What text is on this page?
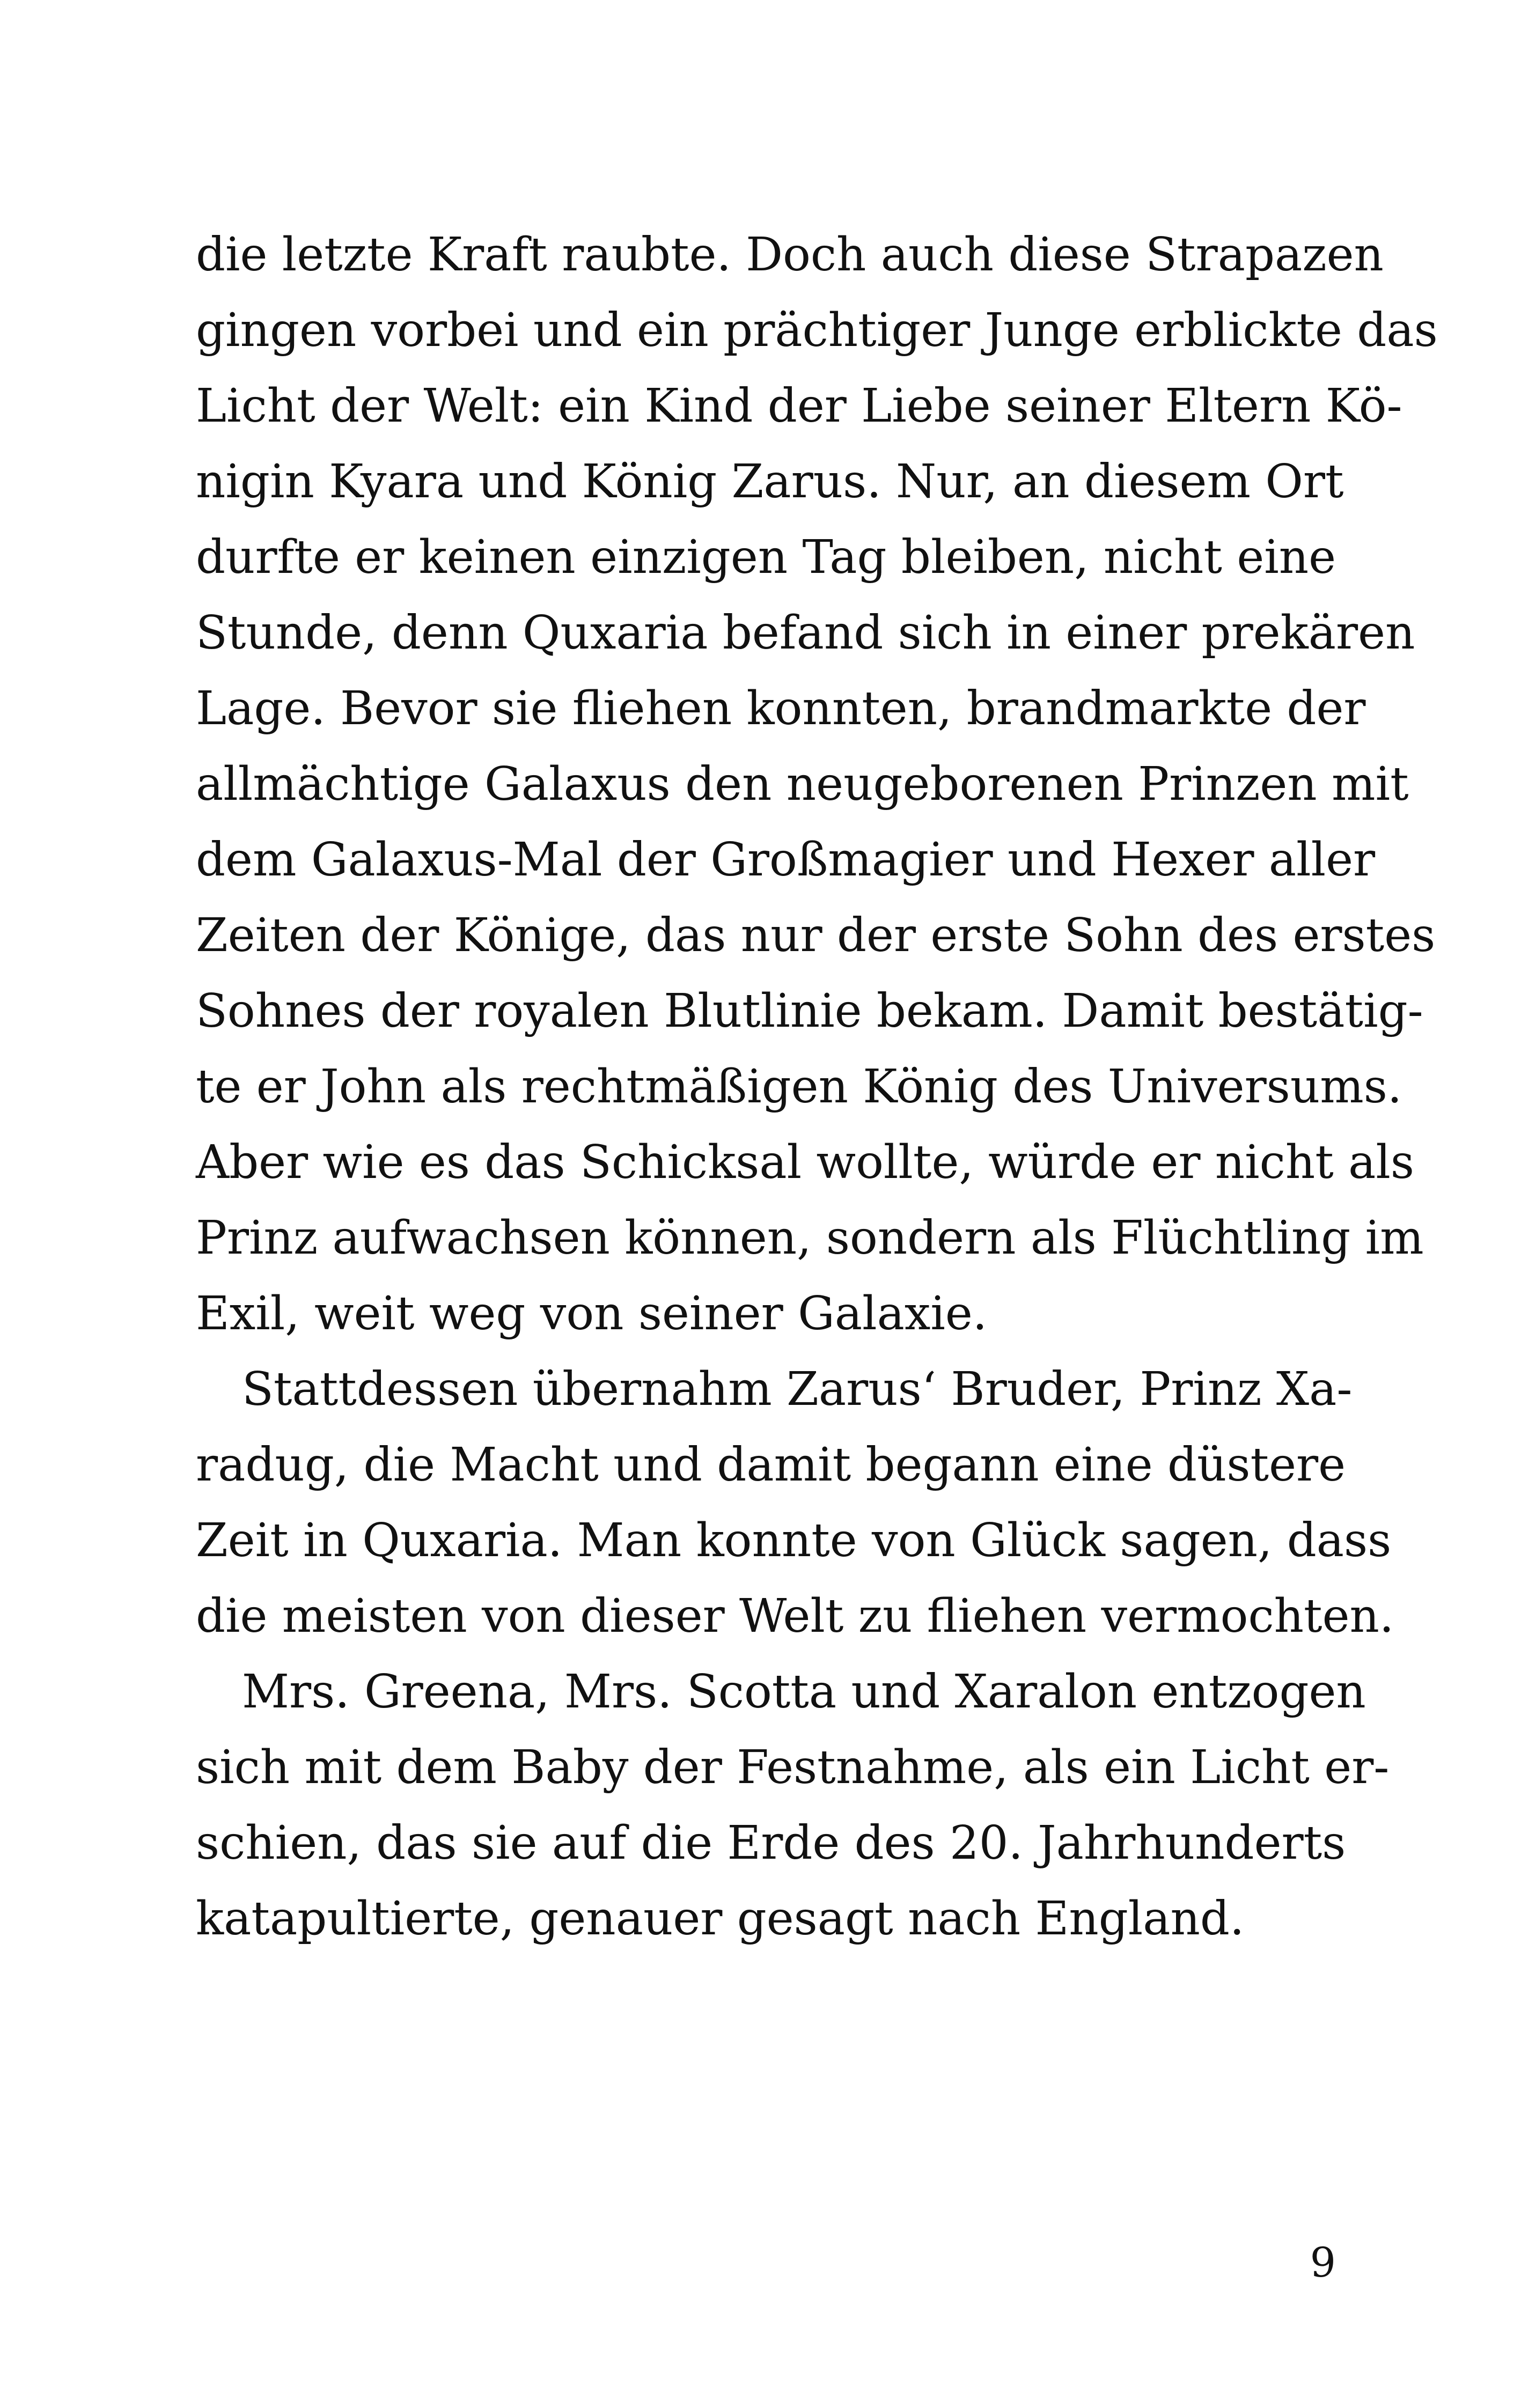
die letzte Kraft raubte. Doch auch diese Strapazen
gingen vorbei und ein prächtiger Junge erblickte das
Licht der Welt: ein Kind der Liebe seiner Eltern Kö-
nigin Kyara und König Zarus. Nur, an diesem Ort
durfte er keinen einzigen Tag bleiben, nicht eine
Stunde, denn Quxaria befand sich in einer prekären
Lage. Bevor sie fliehen konnten, brandmarkte der
allmächtige Galaxus den neugeborenen Prinzen mit
dem Galaxus-Mal der Großmagier und Hexer aller
Zeiten der Könige, das nur der erste Sohn des erstes
Sohnes der royalen Blutlinie bekam. Damit bestätig-
te er John als rechtmäßigen König des Universums.
Aber wie es das Schicksal wollte, würde er nicht als
Prinz aufwachsen können, sondern als Flüchtling im
Exil, weit weg von seiner Galaxie.
Stattdessen übernahm Zarus‘ Bruder, Prinz Xa-
radug, die Macht und damit begann eine düstere
Zeit in Quxaria. Man konnte von Glück sagen, dass
die meisten von dieser Welt zu fliehen vermochten.
Mrs. Greena, Mrs. Scotta und Xaralon entzogen
sich mit dem Baby der Festnahme, als ein Licht er-
schien, das sie auf die Erde des 20. Jahrhunderts
katapultierte, genauer gesagt nach England.
9
